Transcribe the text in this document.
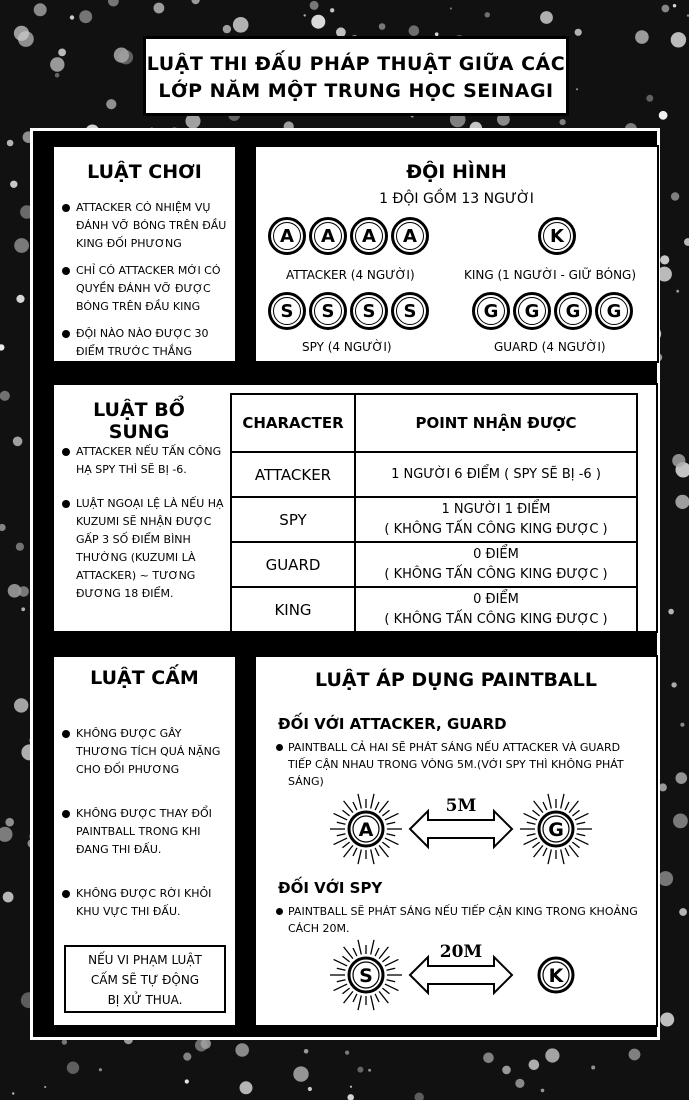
LUẬT THI ĐẤU PHÁP THUẬT GIỮA CÁC
LỚP NĂM MỘT TRUNG HỌC SEINAGI
LUẬT CHƠI
ATTACKER CÓ NHIỆM VỤ ĐÁNH VỠ BÓNG TRÊN ĐẦU KING ĐỐI PHƯƠNG
CHỈ CÓ ATTACKER MỚI CÓ QUYỀN ĐÁNH VỠ ĐƯỢC BÓNG TRÊN ĐẦU KING
ĐỘI NÀO NÀO ĐƯỢC 30 ĐIỂM TRƯỚC THẮNG
ĐỘI HÌNH
1 ĐỘI GỒM 13 NGƯỜI
A	A	A	A	K
ATTACKER (4 NGƯỜI)	KING (1 NGƯỜI - GIỮ BÓNG)
S	S	S	S	G	G	G	G
SPY (4 NGƯỜI)	GUARD (4 NGƯỜI)
LUẬT BỔ SUNG
ATTACKER NẾU TẤN CÔNG HẠ SPY THÌ SẼ BỊ -6.
LUẬT NGOẠI LỆ LÀ NẾU HẠ KUZUMI SẼ NHẬN ĐƯỢC GẤP 3 SỐ ĐIỂM BÌNH THƯỜNG (KUZUMI LÀ ATTACKER) ~ TƯƠNG ĐƯƠNG 18 ĐIỂM.
CHARACTER	POINT NHẬN ĐƯỢC
ATTACKER	1 NGƯỜI 6 ĐIỂM ( SPY SẼ BỊ -6 )

SPY	1 NGƯỜI 1 ĐIỂM
( KHÔNG TẤN CÔNG KING ĐƯỢC )

GUARD	0 ĐIỂM
( KHÔNG TẤN CÔNG KING ĐƯỢC )

KING	0 ĐIỂM
( KHÔNG TẤN CÔNG KING ĐƯỢC )
LUẬT CẤM
KHÔNG ĐƯỢC GÂY THƯƠNG TÍCH QUÁ NẶNG CHO ĐỐI PHƯƠNG
KHÔNG ĐƯỢC THAY ĐỔI PAINTBALL TRONG KHI ĐANG THI ĐẤU.
KHÔNG ĐƯỢC RỜI KHỎI KHU VỰC THI ĐẤU.
NẾU VI PHẠM LUẬT
CẤM SẼ TỰ ĐỘNG
BỊ XỬ THUA.
LUẬT ÁP DỤNG PAINTBALL
ĐỐI VỚI ATTACKER, GUARD
PAINTBALL CẢ HAI SẼ PHÁT SÁNG NẾU ATTACKER VÀ GUARD TIẾP CẬN NHAU TRONG VÒNG 5M.(VỚI SPY THÌ KHÔNG PHÁT SÁNG)
A	G
5M
ĐỐI VỚI SPY
PAINTBALL SẼ PHÁT SÁNG NẾU TIẾP CẬN KING TRONG KHOẢNG CÁCH 20M.
S	K
20M
